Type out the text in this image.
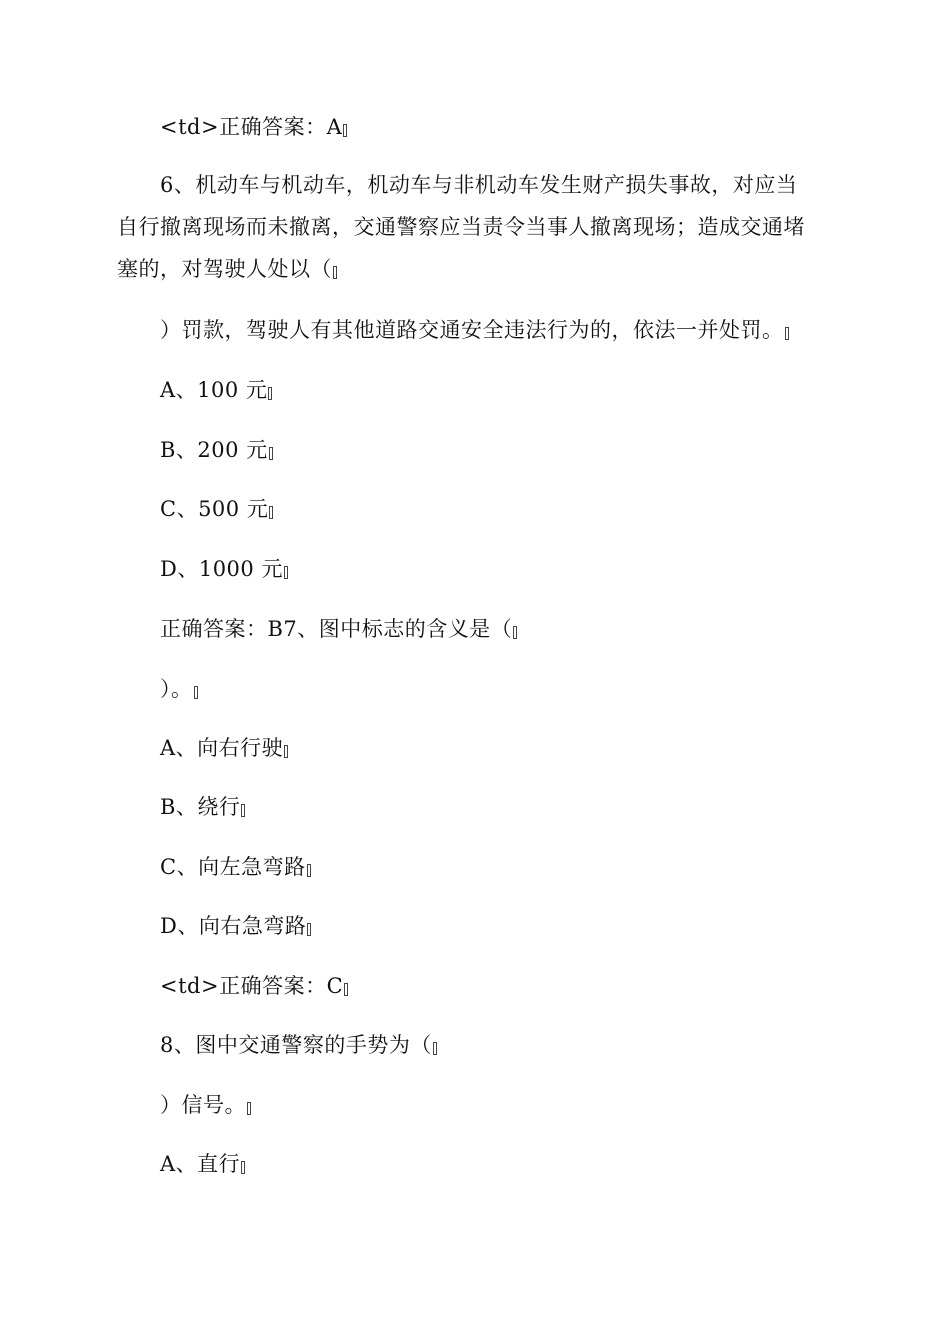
<td>正确答案：A
6、机动车与机动车，机动车与非机动车发生财产损失事故，对应当
自行撤离现场而未撤离，交通警察应当责令当事人撤离现场；造成交通堵
塞的，对驾驶人处以（
）罚款，驾驶人有其他道路交通安全违法行为的，依法一并处罚。
A、100 元
B、200 元
C、500 元
D、1000 元
正确答案：B7、图中标志的含义是（
）。
A、向右行驶
B、绕行
C、向左急弯路
D、向右急弯路
<td>正确答案：C
8、图中交通警察的手势为（
）信号。
A、直行
